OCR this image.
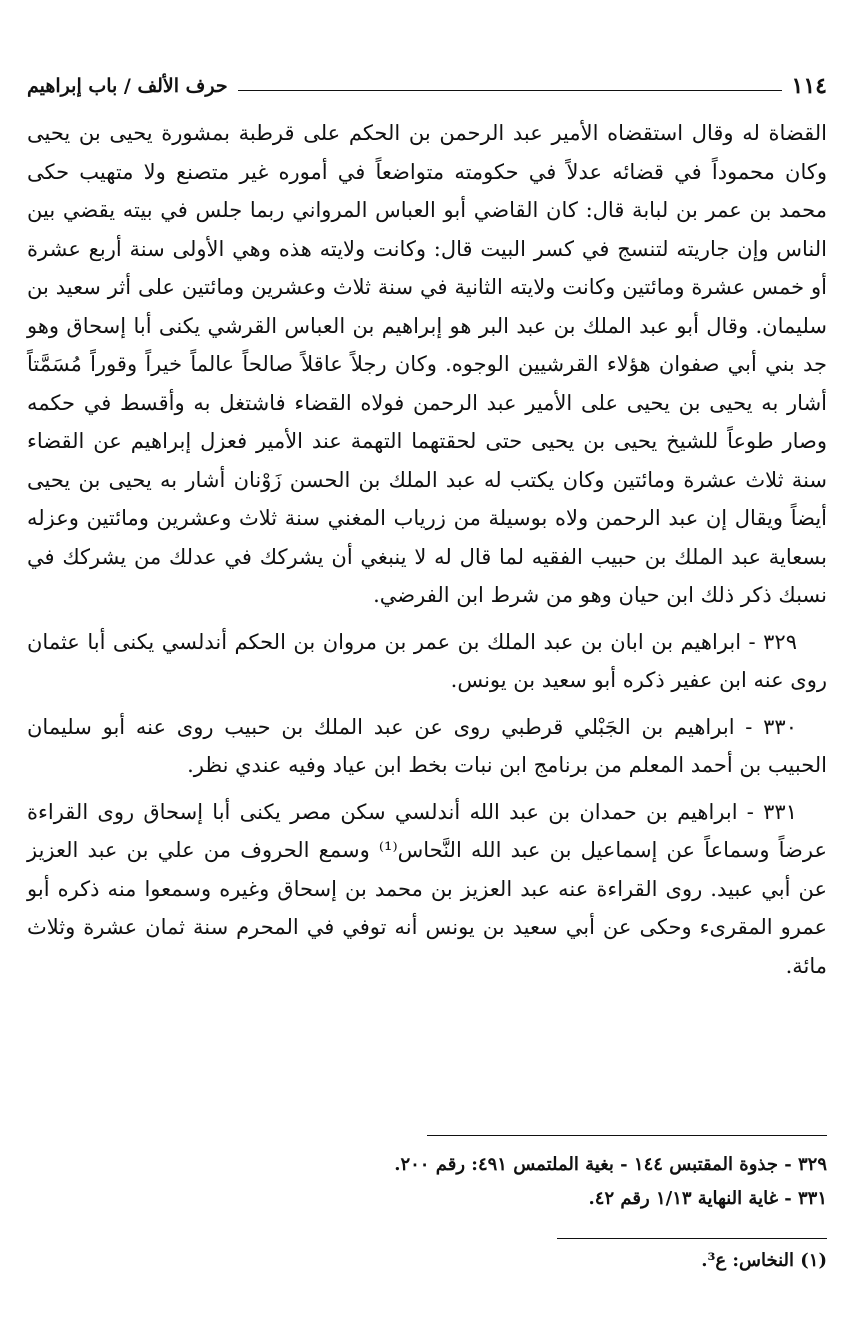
١١٤
حرف الألف / باب إبراهيم

القضاة له وقال استقضاه الأمير عبد الرحمن بن الحكم على قرطبة بمشورة يحيى بن يحيى وكان محموداً في قضائه عدلاً في حكومته متواضعاً في أموره غير متصنع ولا متهيب حكى محمد بن عمر بن لبابة قال: كان القاضي أبو العباس المرواني ربما جلس في بيته يقضي بين الناس وإن جاريته لتنسج في كسر البيت قال: وكانت ولايته هذه وهي الأولى سنة أربع عشرة أو خمس عشرة ومائتين وكانت ولايته الثانية في سنة ثلاث وعشرين ومائتين على أثر سعيد بن سليمان. وقال أبو عبد الملك بن عبد البر هو إبراهيم بن العباس القرشي يكنى أبا إسحاق وهو جد بني أبي صفوان هؤلاء القرشيين الوجوه. وكان رجلاً عاقلاً صالحاً عالماً خيراً وقوراً مُسَمَّتاً أشار به يحيى بن يحيى على الأمير عبد الرحمن فولاه القضاء فاشتغل به وأقسط في حكمه وصار طوعاً للشيخ يحيى بن يحيى حتى لحقتهما التهمة عند الأمير فعزل إبراهيم عن القضاء سنة ثلاث عشرة ومائتين وكان يكتب له عبد الملك بن الحسن زَوْنان أشار به يحيى بن يحيى أيضاً ويقال إن عبد الرحمن ولاه بوسيلة من زرياب المغني سنة ثلاث وعشرين ومائتين وعزله بسعاية عبد الملك بن حبيب الفقيه لما قال له لا ينبغي أن يشركك في عدلك من يشركك في نسبك ذكر ذلك ابن حيان وهو من شرط ابن الفرضي.

٣٢٩ - ابراهيم بن ابان بن عبد الملك بن عمر بن مروان بن الحكم أندلسي يكنى أبا عثمان روى عنه ابن عفير ذكره أبو سعيد بن يونس.

٣٣٠ - ابراهيم بن الجَبْلي قرطبي روى عن عبد الملك بن حبيب روى عنه أبو سليمان الحبيب بن أحمد المعلم من برنامج ابن نبات بخط ابن عياد وفيه عندي نظر.

٣٣١ - ابراهيم بن حمدان بن عبد الله أندلسي سكن مصر يكنى أبا إسحاق روى القراءة عرضاً وسماعاً عن إسماعيل بن عبد الله النَّحاس⁽¹⁾ وسمع الحروف من علي بن عبد العزيز عن أبي عبيد. روى القراءة عنه عبد العزيز بن محمد بن إسحاق وغيره وسمعوا منه ذكره أبو عمرو المقرىء وحكى عن أبي سعيد بن يونس أنه توفي في المحرم سنة ثمان عشرة وثلاث مائة.

٣٢٩ - جذوة المقتبس ١٤٤ - بغية الملتمس ٤٩١: رقم ٢٠٠.

٣٣١ - غاية النهاية ١/١٣ رقم ٤٢.

(١) النخاس: ع³.
